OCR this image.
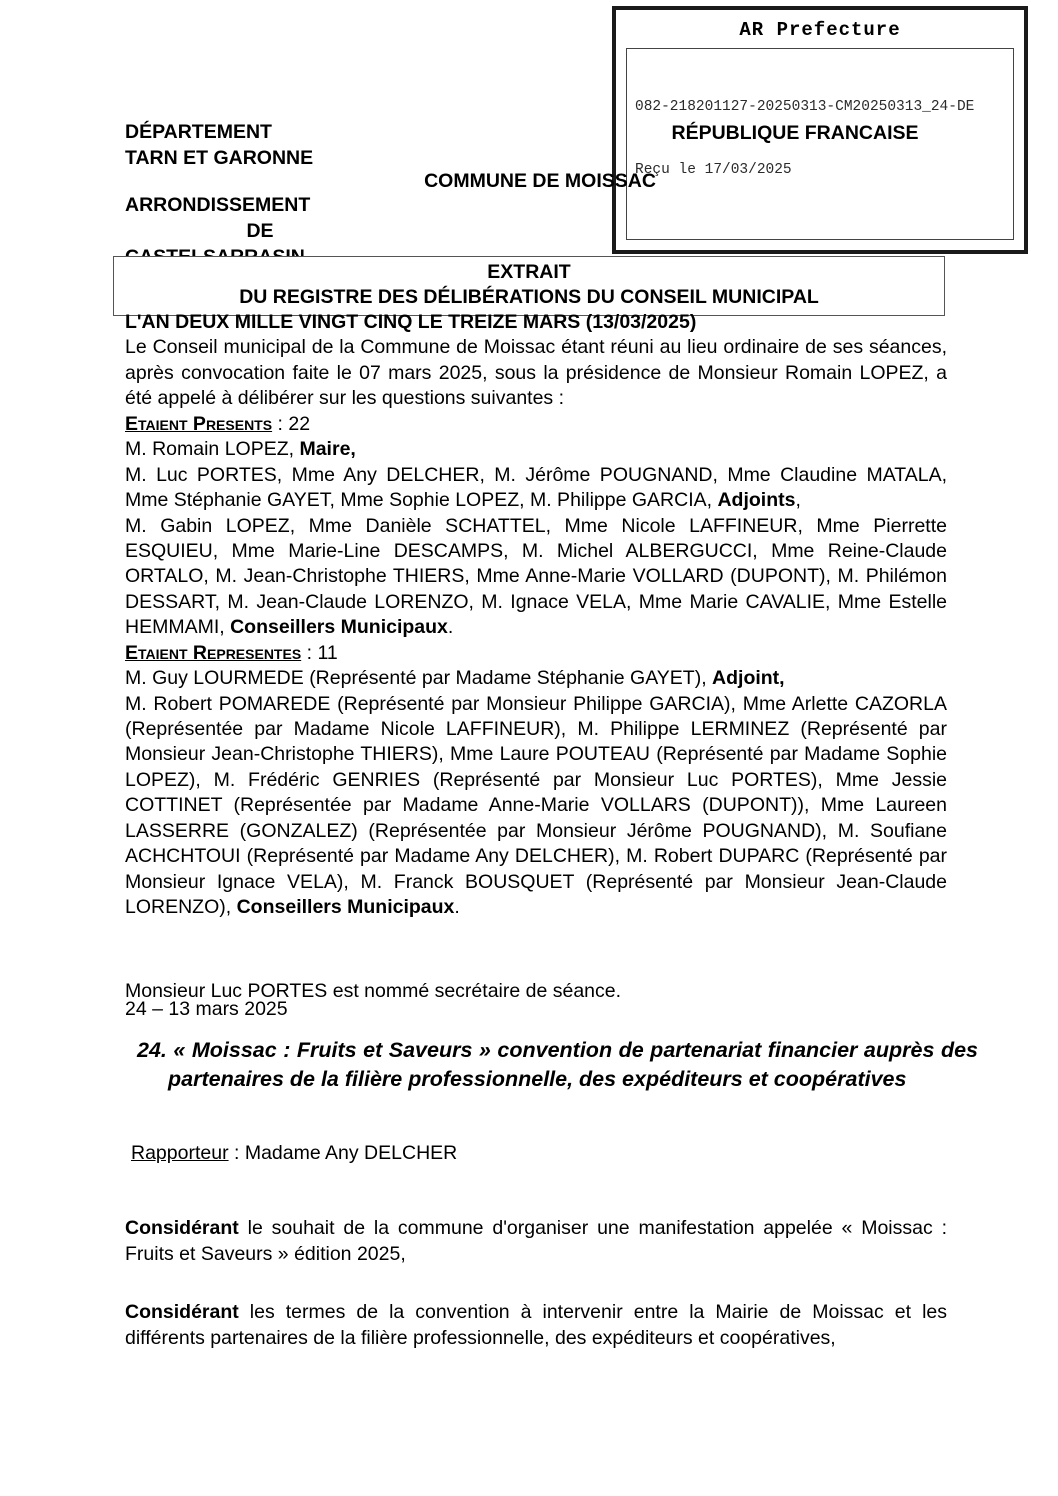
AR Prefecture

082-218201127-20250313-CM20250313_24-DE

Reçu le 17/03/2025

DÉPARTEMENT
TARN ET GARONNE
ARRONDISSEMENT
DE
RÉPUBLIQUE FRANCAISE
COMMUNE DE MOISSAC
EXTRAIT
DU REGISTRE DES DÉLIBÉRATIONS DU CONSEIL MUNICIPAL

L'AN DEUX MILLE VINGT CINQ LE TREIZE MARS (13/03/2025)

Le Conseil municipal de la Commune de Moissac étant réuni au lieu ordinaire de ses séances, après convocation faite le 07 mars 2025, sous la présidence de Monsieur Romain LOPEZ, a été appelé à délibérer sur les questions suivantes :

Etaient Presents : 22

M. Romain LOPEZ, Maire,

M. Luc PORTES, Mme Any DELCHER, M. Jérôme POUGNAND, Mme Claudine MATALA, Mme Stéphanie GAYET, Mme Sophie LOPEZ, M. Philippe GARCIA, Adjoints,

M. Gabin LOPEZ, Mme Danièle SCHATTEL, Mme Nicole LAFFINEUR, Mme Pierrette ESQUIEU, Mme Marie-Line DESCAMPS, M. Michel ALBERGUCCI, Mme Reine-Claude ORTALO, M. Jean-Christophe THIERS, Mme Anne-Marie VOLLARD (DUPONT), M. Philémon DESSART, M. Jean-Claude LORENZO, M. Ignace VELA, Mme Marie CAVALIE, Mme Estelle HEMMAMI, Conseillers Municipaux.

Etaient Representes : 11

M. Guy LOURMEDE (Représenté par Madame Stéphanie GAYET), Adjoint,

M. Robert POMAREDE (Représenté par Monsieur Philippe GARCIA), Mme Arlette CAZORLA (Représentée par Madame Nicole LAFFINEUR), M. Philippe LERMINEZ (Représenté par Monsieur Jean-Christophe THIERS), Mme Laure POUTEAU (Représenté par Madame Sophie LOPEZ), M. Frédéric GENRIES (Représenté par Monsieur Luc PORTES), Mme Jessie COTTINET (Représentée par Madame Anne-Marie VOLLARS (DUPONT)), Mme Laureen LASSERRE (GONZALEZ) (Représentée par Monsieur Jérôme POUGNAND), M. Soufiane ACHCHTOUI (Représenté par Madame Any DELCHER), M. Robert DUPARC (Représenté par Monsieur Ignace VELA), M. Franck BOUSQUET (Représenté par Monsieur Jean-Claude LORENZO), Conseillers Municipaux.

Monsieur Luc PORTES est nommé secrétaire de séance.

24 – 13 mars 2025
24. « Moissac : Fruits et Saveurs » convention de partenariat financier auprès des partenaires de la filière professionnelle, des expéditeurs et coopératives
Rapporteur : Madame Any DELCHER

Considérant le souhait de la commune d'organiser une manifestation appelée « Moissac : Fruits et Saveurs » édition 2025,

Considérant les termes de la convention à intervenir entre la Mairie de Moissac et les différents partenaires de la filière professionnelle, des expéditeurs et coopératives,
